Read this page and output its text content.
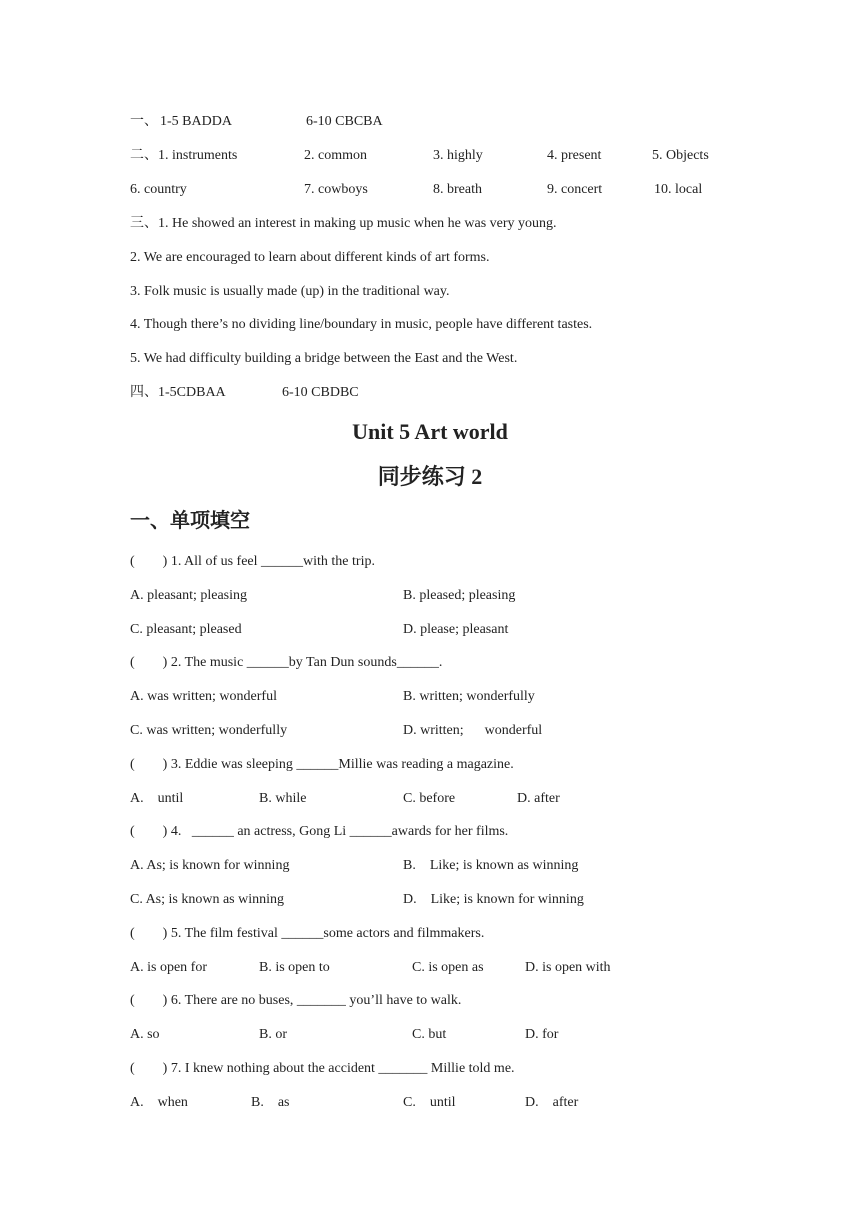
一、

1-5 BADDA

	6-10 CBCBA

二、1. instruments

	2. common

	3. highly

	4. present

	5. Objects

6. country

	7. cowboys

	8. breath

	9. concert

	10. local

三、1. He showed an interest in making up music when he was very young.
2. We are encouraged to learn about different kinds of art forms.
3. Folk music is usually made (up) in the traditional way.
4. Though there’s no dividing line/boundary in music, people have different tastes.
5. We had difficulty building a bridge between the East and the West.

四、1-5CDBAA

	6-10 CBDBC

Unit 5 Art world
同步练习 2
一、单项填空
(        ) 1. All of us feel ______with the trip.

A. pleasant; pleasing

	B. pleased; pleasing

C. pleasant; pleased

	D. please; pleasant

(        ) 2. The music ______by Tan Dun sounds______.

A. was written; wonderful

	B. written; wonderfully

C. was written; wonderfully

	D. written;      wonderful

(        ) 3. Eddie was sleeping ______Millie was reading a magazine.

A.    until

	B. while

	C. before

	D. after

(        ) 4.   ______ an actress, Gong Li ______awards for her films.

A. As; is known for winning

	B.    Like; is known as winning

C. As; is known as winning

	D.    Like; is known for winning

(        ) 5. The film festival ______some actors and filmmakers.

A. is open for

	B. is open to

	C. is open as

	D. is open with

(        ) 6. There are no buses, _______ you’ll have to walk.

A. so

	B. or

	C. but

	D. for

(        ) 7. I knew nothing about the accident _______ Millie told me.

A.    when

	B.    as

	C.    until

	D.    after
